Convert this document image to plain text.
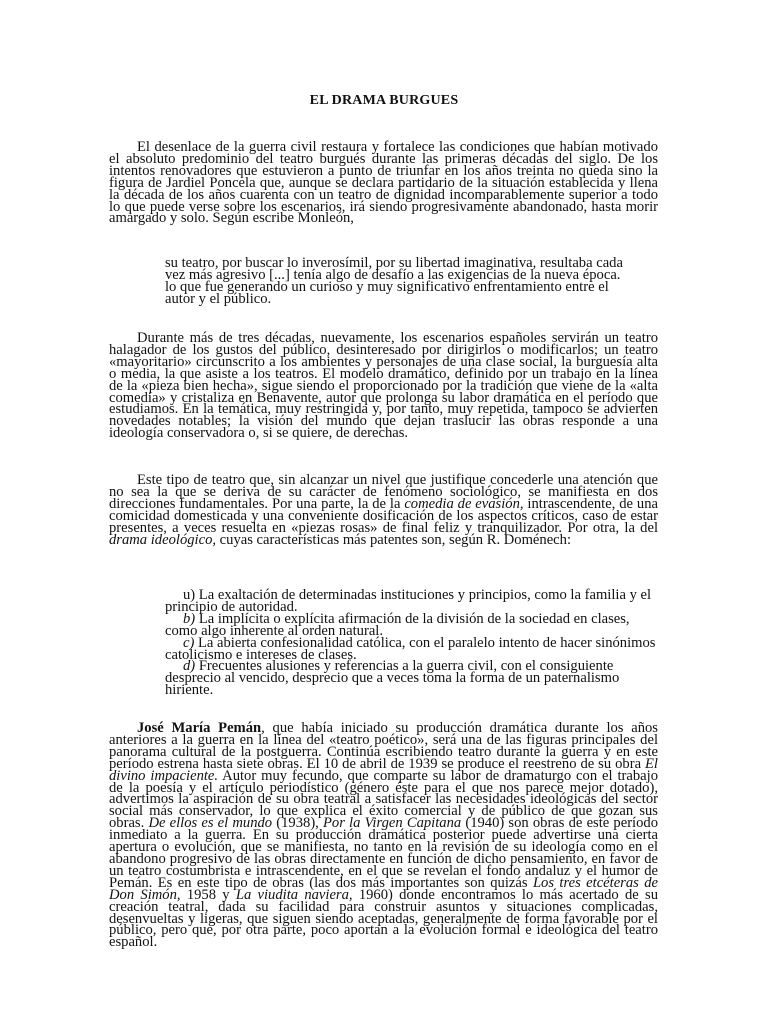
EL DRAMA BURGUES

El desenlace de la guerra civil restaura y fortalece las condiciones que habían motivado el absoluto predominio del teatro burgués durante las primeras décadas del siglo. De los intentos renovadores que estuvieron a punto de triunfar en los años treinta no queda sino la figura de Jardiel Poncela que, aunque se declara partidario de la situación establecida y llena la década de los años cuarenta con un teatro de dignidad incomparablemente superior a todo lo que puede verse sobre los escenarios, irá siendo progresivamente abandonado, hasta morir amargado y solo. Según escribe Monleón,

su teatro, por buscar lo inverosímil, por su libertad imaginativa, resultaba cada vez más agresivo [...] tenía algo de desafío a las exigencias de la nueva época. lo que fue generando un curioso y muy significativo enfrentamiento entre el autor y el público.

Durante más de tres décadas, nuevamente, los escenarios españoles servirán un teatro halagador de los gustos del público, desinteresado por dirigirlos o modificarlos; un teatro «mayoritario» circunscrito a los ambientes y personajes de una clase social, la burguesía alta o media, la que asiste a los teatros. El modelo dramático, definido por un trabajo en la línea de la «pieza bien hecha», sigue siendo el proporcionado por la tradición que viene de la «alta comedia» y cristaliza en Benavente, autor que prolonga su labor dramática en el período que estudiamos. En la temática, muy restringida y, por tanto, muy repetida, tampoco se advierten novedades notables; la visión del mundo que dejan traslucir las obras responde a una ideología conservadora o, si se quiere, de derechas.

Este tipo de teatro que, sin alcanzar un nivel que justifique concederle una atención que no sea la que se deriva de su carácter de fenómeno sociológico, se manifiesta en dos direcciones fundamentales. Por una parte, la de la comedia de evasión, intrascendente, de una comicidad domesticada y una conveniente dosificación de los aspectos críticos, caso de estar presentes, a veces resuelta en «piezas rosas» de final feliz y tranquilizador. Por otra, la del drama ideológico, cuyas características más patentes son, según R. Doménech:

u) La exaltación de determinadas instituciones y principios, como la familia y el principio de autoridad.
b) La implícita o explícita afirmación de la división de la sociedad en clases, como algo inherente al orden natural.
c) La abierta confesionalidad católica, con el paralelo intento de hacer sinónimos catolicismo e intereses de clases.
d) Frecuentes alusiones y referencias a la guerra civil, con el consiguiente desprecio al vencido, desprecio que a veces toma la forma de un paternalismo hiriente.

José María Pemán, que había iniciado su producción dramática durante los años anteriores a la guerra en la línea del «teatro poético», será una de las figuras principales del panorama cultural de la postguerra. Continúa escribiendo teatro durante la guerra y en este período estrena hasta siete obras. El 10 de abril de 1939 se produce el reestreno de su obra El divino impaciente. Autor muy fecundo, que comparte su labor de dramaturgo con el trabajo de la poesía y el artículo periodístico (género éste para el que nos parece mejor dotado), advertimos la aspiración de su obra teatral a satisfacer las necesidades ideológicas del sector social más conservador, lo que explica el éxito comercial y de público de que gozan sus obras. De ellos es el mundo (1938), Por la Virgen Capitana (1940) son obras de este período inmediato a la guerra. En su producción dramática posterior puede advertirse una cierta apertura o evolución, que se manifiesta, no tanto en la revisión de su ideología como en el abandono progresivo de las obras directamente en función de dicho pensamiento, en favor de un teatro costumbrista e intrascendente, en el que se revelan el fondo andaluz y el humor de Pemán. Es en este tipo de obras (las dos más importantes son quizás Los tres etcéteras de Don Simón, 1958 y La viudita naviera, 1960) donde encontramos lo más acertado de su creación teatral, dada su facilidad para construir asuntos y situaciones complicadas, desenvueltas y ligeras, que siguen siendo aceptadas, generalmente de forma favorable por el público, pero que, por otra parte, poco aportan a la evolución formal e ideológica del teatro español.
